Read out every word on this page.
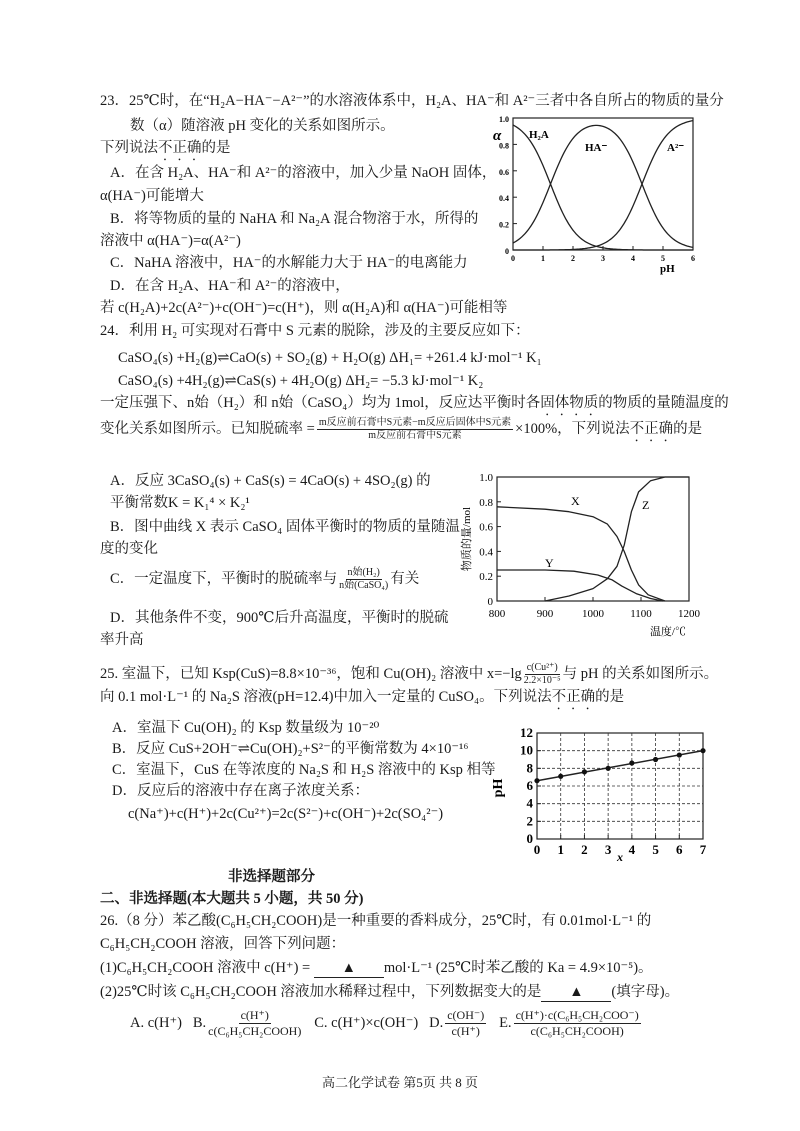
23．25℃时，在“H₂A−HA⁻−A²⁻”的水溶液体系中，H₂A、HA⁻和 A²⁻三者中各自所占的物质的量分
数（α）随溶液 pH 变化的关系如图所示。
下列说法不正确的是
A．在含 H₂A、HA⁻和 A²⁻的溶液中，加入少量 NaOH 固体，
α(HA⁻)可能增大
B．将等物质的量的 NaHA 和 Na₂A 混合物溶于水，所得的
溶液中 α(HA⁻)=α(A²⁻)
C．NaHA 溶液中，HA⁻的水解能力大于 HA⁻的电离能力
D．在含 H₂A、HA⁻和 A²⁻的溶液中，
若 c(H₂A)+2c(A²⁻)+c(OH⁻)=c(H⁺)，则 α(H₂A)和 α(HA⁻)可能相等
0	1	2	3	4	5	6
0
0.2
0.4
0.6
0.8
1.0
H₂A
HA⁻	A²⁻
α
pH
24．利用 H₂ 可实现对石膏中 S 元素的脱除，涉及的主要反应如下：
CaSO₄(s) +H₂(g)⇌CaO(s) + SO₂(g) + H₂O(g) ΔH₁= +261.4 kJ·mol⁻¹ K₁
CaSO₄(s) +4H₂(g)⇌CaS(s) + 4H₂O(g) ΔH₂= −5.3 kJ·mol⁻¹ K₂
一定压强下、n始（H₂）和 n始（CaSO₄）均为 1mol，反应达平衡时各固体物质的物质的量随温度的
变化关系如图所示。已知脱硫率 = $\frac{\text{m反应前石膏中S元素−m反应后固体中S元素}}{\text{m反应前石膏中S元素}} \times 100\%$，下列说法不正确的是
A．反应 3CaSO₄(s) + CaS(s) = 4CaO(s) + 4SO₂(g) 的
平衡常数K = K₁⁴ × K₂¹
B．图中曲线 X 表示 CaSO₄ 固体平衡时的物质的量随温
度的变化
C．一定温度下，平衡时的脱硫率与 $\frac{\text{n始(H₂)}}{\text{n始(CaSO₄)}}$ 有关
D．其他条件不变，900℃后升高温度，平衡时的脱硫
率升高
800	900	1000 1100 1200
0
0.2
0.4
0.6
0.8
1.0
X
Y
Z
物质的量/mol
温度/℃
25. 室温下，已知 Ksp(CuS)=8.8×10⁻³⁶，饱和 Cu(OH)₂ 溶液中 $x=-\lg \frac{\text{c(Cu²⁺)}}{\text{2.2×10⁻⁵}}$ 与 pH 的关系如图所示。
向 0.1 mol·L⁻¹ 的 Na₂S 溶液(pH=12.4)中加入一定量的 CuSO₄。下列说法不正确的是
A．室温下 Cu(OH)₂ 的 Ksp 数量级为 10⁻²⁰
B．反应 CuS+2OH⁻⇌Cu(OH)₂+S²⁻的平衡常数为 4×10⁻¹⁶
C．室温下，CuS 在等浓度的 Na₂S 和 H₂S 溶液中的 Ksp 相等
D．反应后的溶液中存在离子浓度关系：
c(Na⁺)+c(H⁺)+2c(Cu²⁺)=2c(S²⁻)+c(OH⁻)+2c(SO₄²⁻)
0 1 2 3 4 5 6 7
0
2
4
6
8
10
12
pH
x
非选择题部分
二、非选择题(本大题共 5 小题，共 50 分)
26.（8 分）苯乙酸(C₆H₅CH₂COOH)是一种重要的香料成分，25℃时，有 0.01mol·L⁻¹ 的
C₆H₅CH₂COOH 溶液，回答下列问题：
(1)C₆H₅CH₂COOH 溶液中 c(H⁺) = ▲ mol·L⁻¹ (25℃时苯乙酸的 Ka = 4.9×10⁻⁵)。
(2)25℃时该 C₆H₅CH₂COOH 溶液加水稀释过程中，下列数据变大的是 ▲ (填字母)。
A. c(H⁺) B. $\frac{c(H^+)}{\text{c(C₆H₅CH₂COOH)}} C$. c(H⁺)×c(OH⁻) D. $\frac{c(OH^-)}{c(H^+)} E$. $\frac{\text{c(H⁺)·c(C₆H₅CH₂COO⁻)}}{\text{c(C₆H₅CH₂COOH)}}$
高二化学试卷 第5页 共 8 页
